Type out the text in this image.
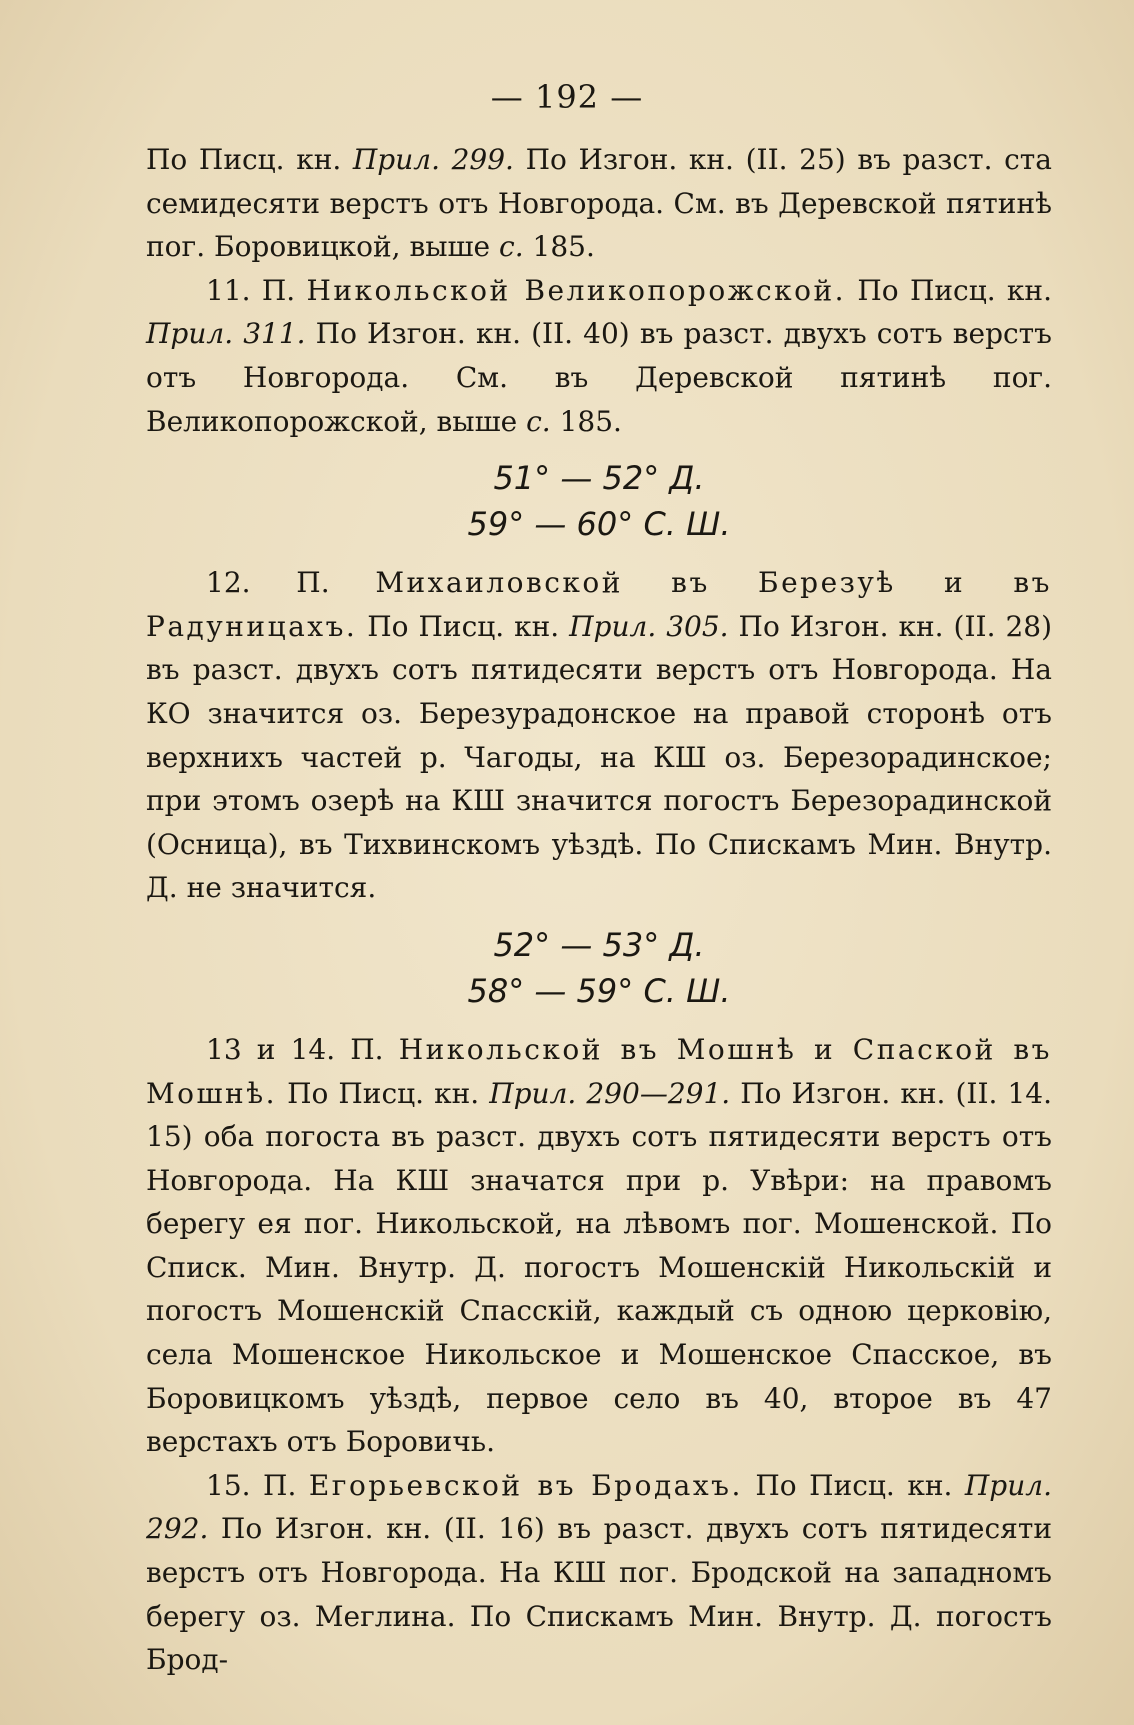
— 192 —

По Писц. кн. Прил. 299. По Изгон. кн. (II. 25) въ разст. ста семидесяти верстъ отъ Новгорода. См. въ Деревской пятинѣ пог. Боровицкой, выше с. 185.

11. П. Никольской Великопорожской. По Писц. кн. Прил. 311. По Изгон. кн. (II. 40) въ разст. двухъ сотъ верстъ отъ Новгорода. См. въ Деревской пятинѣ пог. Великопорожской, выше с. 185.

51° — 52° Д.
59° — 60° С. Ш.

12. П. Михаиловской въ Березуѣ и въ Радуницахъ. По Писц. кн. Прил. 305. По Изгон. кн. (II. 28) въ разст. двухъ сотъ пятидесяти верстъ отъ Новгорода. На КО значится оз. Березурадонское на правой сторонѣ отъ верхнихъ частей р. Чагоды, на КШ оз. Березорадинское; при этомъ озерѣ на КШ значится погостъ Березорадинской (Осница), въ Тихвинскомъ уѣздѣ. По Спискамъ Мин. Внутр. Д. не значится.

52° — 53° Д.
58° — 59° С. Ш.

13 и 14. П. Никольской въ Мошнѣ и Спаской въ Мошнѣ. По Писц. кн. Прил. 290—291. По Изгон. кн. (II. 14. 15) оба погоста въ разст. двухъ сотъ пятидесяти верстъ отъ Новгорода. На КШ значатся при р. Увѣри: на правомъ берегу ея пог. Никольской, на лѣвомъ пог. Мошенской. По Списк. Мин. Внутр. Д. погостъ Мошенскій Никольскій и погостъ Мошенскій Спасскій, каждый съ одною церковію, села Мошенское Никольское и Мошенское Спасское, въ Боровицкомъ уѣздѣ, первое село въ 40, второе въ 47 верстахъ отъ Боровичь.

15. П. Егорьевской въ Бродахъ. По Писц. кн. Прил. 292. По Изгон. кн. (II. 16) въ разст. двухъ сотъ пятидесяти верстъ отъ Новгорода. На КШ пог. Бродской на западномъ берегу оз. Меглина. По Спискамъ Мин. Внутр. Д. погостъ Брод-
